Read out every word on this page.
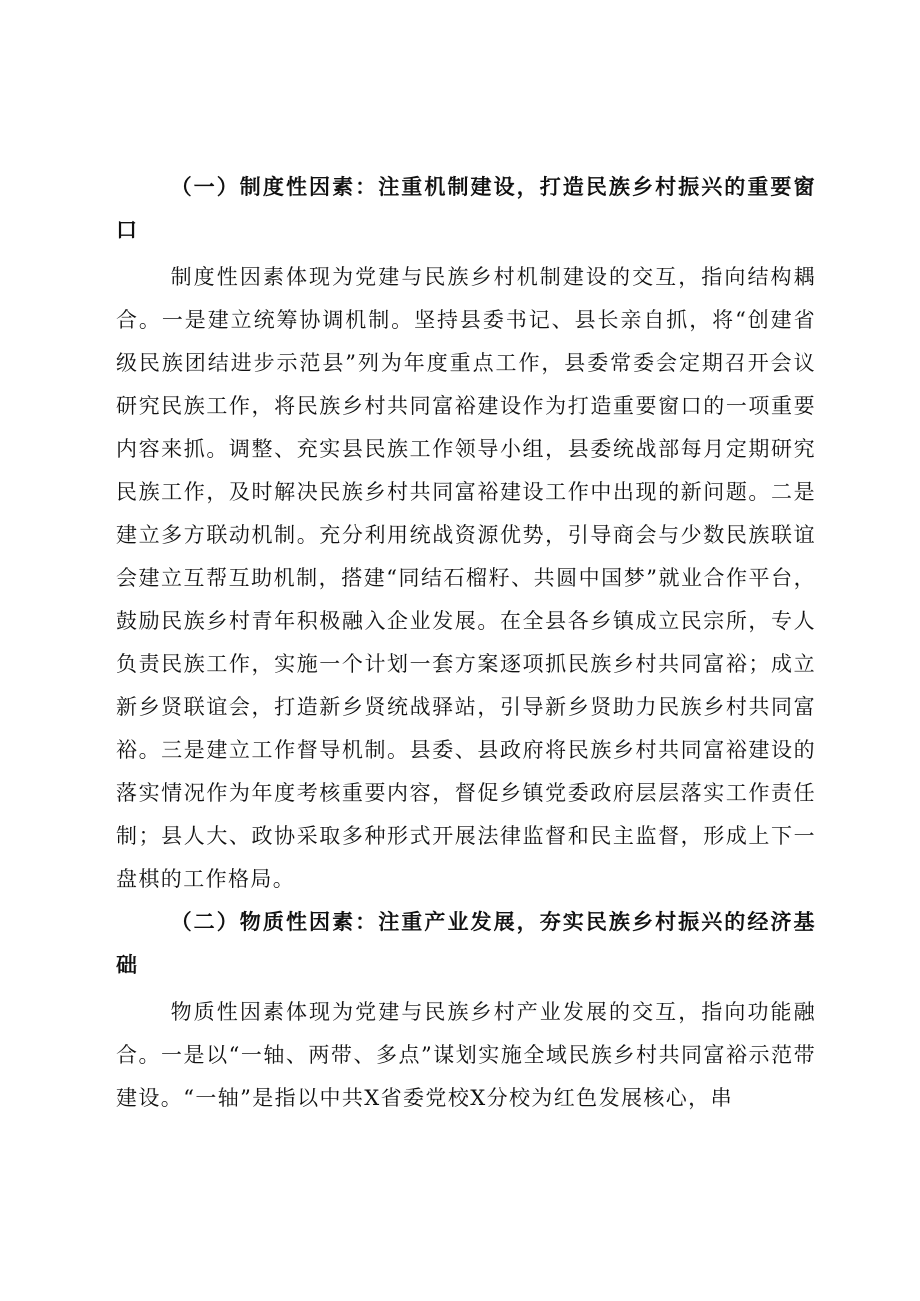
（一）制度性因素：注重机制建设，打造民族乡村振兴的重要窗口

制度性因素体现为党建与民族乡村机制建设的交互，指向结构耦合。一是建立统筹协调机制。坚持县委书记、县长亲自抓，将“创建省级民族团结进步示范县”列为年度重点工作，县委常委会定期召开会议研究民族工作，将民族乡村共同富裕建设作为打造重要窗口的一项重要内容来抓。调整、充实县民族工作领导小组，县委统战部每月定期研究民族工作，及时解决民族乡村共同富裕建设工作中出现的新问题。二是建立多方联动机制。充分利用统战资源优势，引导商会与少数民族联谊会建立互帮互助机制，搭建“同结石榴籽、共圆中国梦”就业合作平台，鼓励民族乡村青年积极融入企业发展。在全县各乡镇成立民宗所，专人负责民族工作，实施一个计划一套方案逐项抓民族乡村共同富裕；成立新乡贤联谊会，打造新乡贤统战驿站，引导新乡贤助力民族乡村共同富裕。三是建立工作督导机制。县委、县政府将民族乡村共同富裕建设的落实情况作为年度考核重要内容，督促乡镇党委政府层层落实工作责任制；县人大、政协采取多种形式开展法律监督和民主监督，形成上下一盘棋的工作格局。

（二）物质性因素：注重产业发展，夯实民族乡村振兴的经济基础

物质性因素体现为党建与民族乡村产业发展的交互，指向功能融合。一是以“一轴、两带、多点”谋划实施全域民族乡村共同富裕示范带建设。“一轴”是指以中共X省委党校X分校为红色发展核心，串
